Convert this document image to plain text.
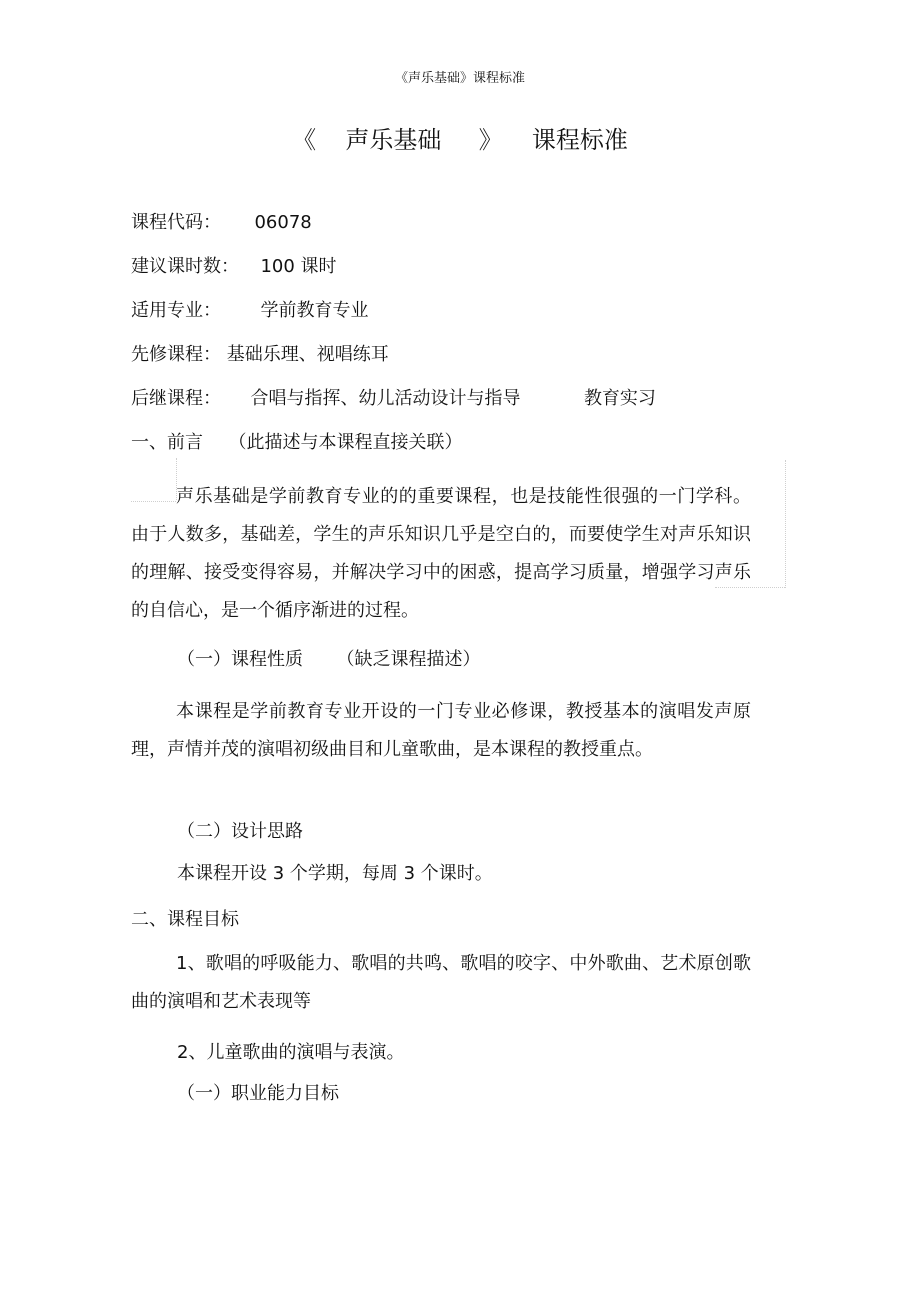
《声乐基础》课程标准
《 声乐基础 》 课程标准
课程代码： 06078
建议课时数： 100 课时
适用专业： 学前教育专业
先修课程： 基础乐理、视唱练耳
后继课程： 合唱与指挥、幼儿活动设计与指导	教育实习
一、前言 （此描述与本课程直接关联）
声乐基础是学前教育专业的的重要课程，也是技能性很强的一门学科。由于人数多，基础差，学生的声乐知识几乎是空白的，而要使学生对声乐知识的理解、接受变得容易，并解决学习中的困惑，提高学习质量，增强学习声乐的自信心，是一个循序渐进的过程。
（一）课程性质 （缺乏课程描述）
本课程是学前教育专业开设的一门专业必修课，教授基本的演唱发声原理，声情并茂的演唱初级曲目和儿童歌曲，是本课程的教授重点。
（二）设计思路
本课程开设 3 个学期，每周 3 个课时。
二、课程目标
1、歌唱的呼吸能力、歌唱的共鸣、歌唱的咬字、中外歌曲、艺术原创歌曲的演唱和艺术表现等
2、儿童歌曲的演唱与表演。
（一）职业能力目标
